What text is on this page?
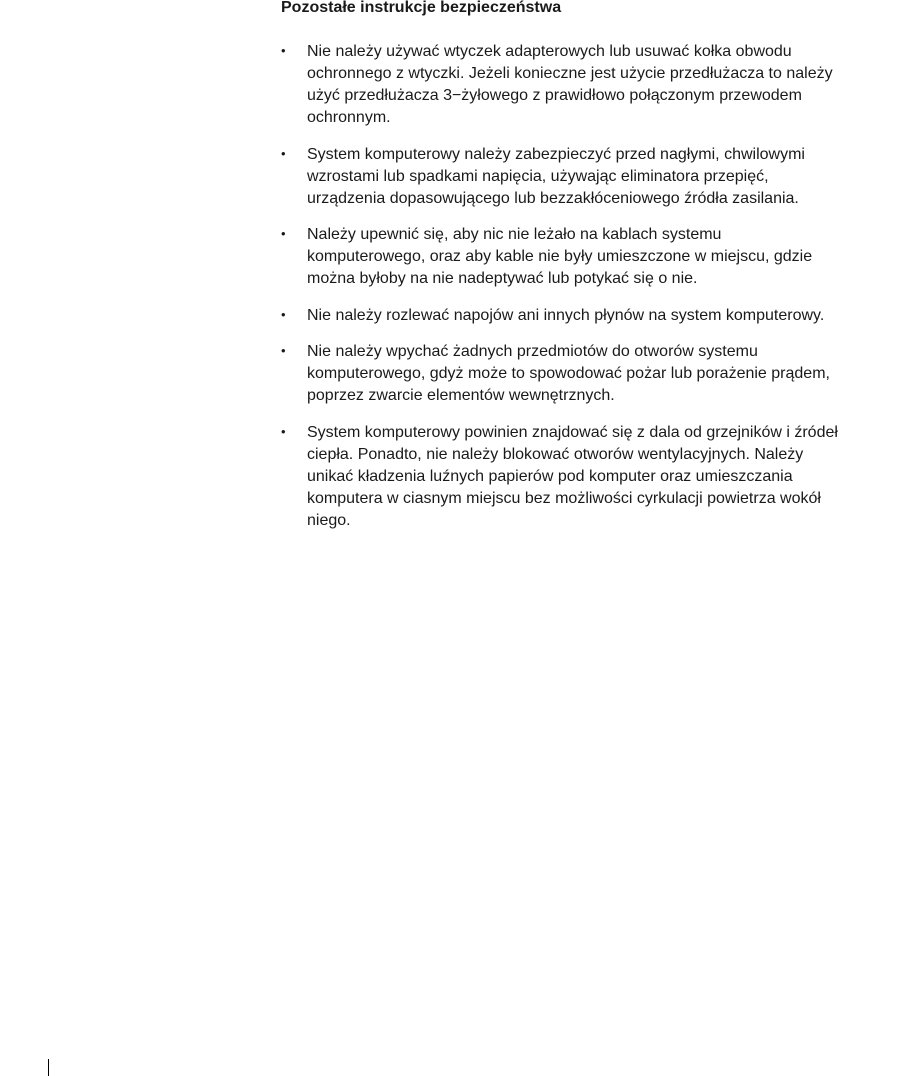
Pozostałe instrukcje bezpieczeństwa
•	Nie należy używać wtyczek adapterowych lub usuwać kołka obwodu ochronnego z wtyczki. Jeżeli konieczne jest użycie przedłużacza to należy użyć przedłużacza 3−żyłowego z prawidłowo połączonym przewodem ochronnym.
•	System komputerowy należy zabezpieczyć przed nagłymi, chwilowymi wzrostami lub spadkami napięcia, używając eliminatora przepięć, urządzenia dopasowującego lub bezzakłóceniowego źródła zasilania.
•	Należy upewnić się, aby nic nie leżało na kablach systemu komputerowego, oraz aby kable nie były umieszczone w miejscu, gdzie można byłoby na nie nadeptywać lub potykać się o nie.
•	Nie należy rozlewać napojów ani innych płynów na system komputerowy.
•	Nie należy wpychać żadnych przedmiotów do otworów systemu komputerowego, gdyż może to spowodować pożar lub porażenie prądem, poprzez zwarcie elementów wewnętrznych.
•	System komputerowy powinien znajdować się z dala od grzejników i źródeł ciepła. Ponadto, nie należy blokować otworów wentylacyjnych. Należy unikać kładzenia luźnych papierów pod komputer oraz umieszczania komputera w ciasnym miejscu bez możliwości cyrkulacji powietrza wokół niego.
